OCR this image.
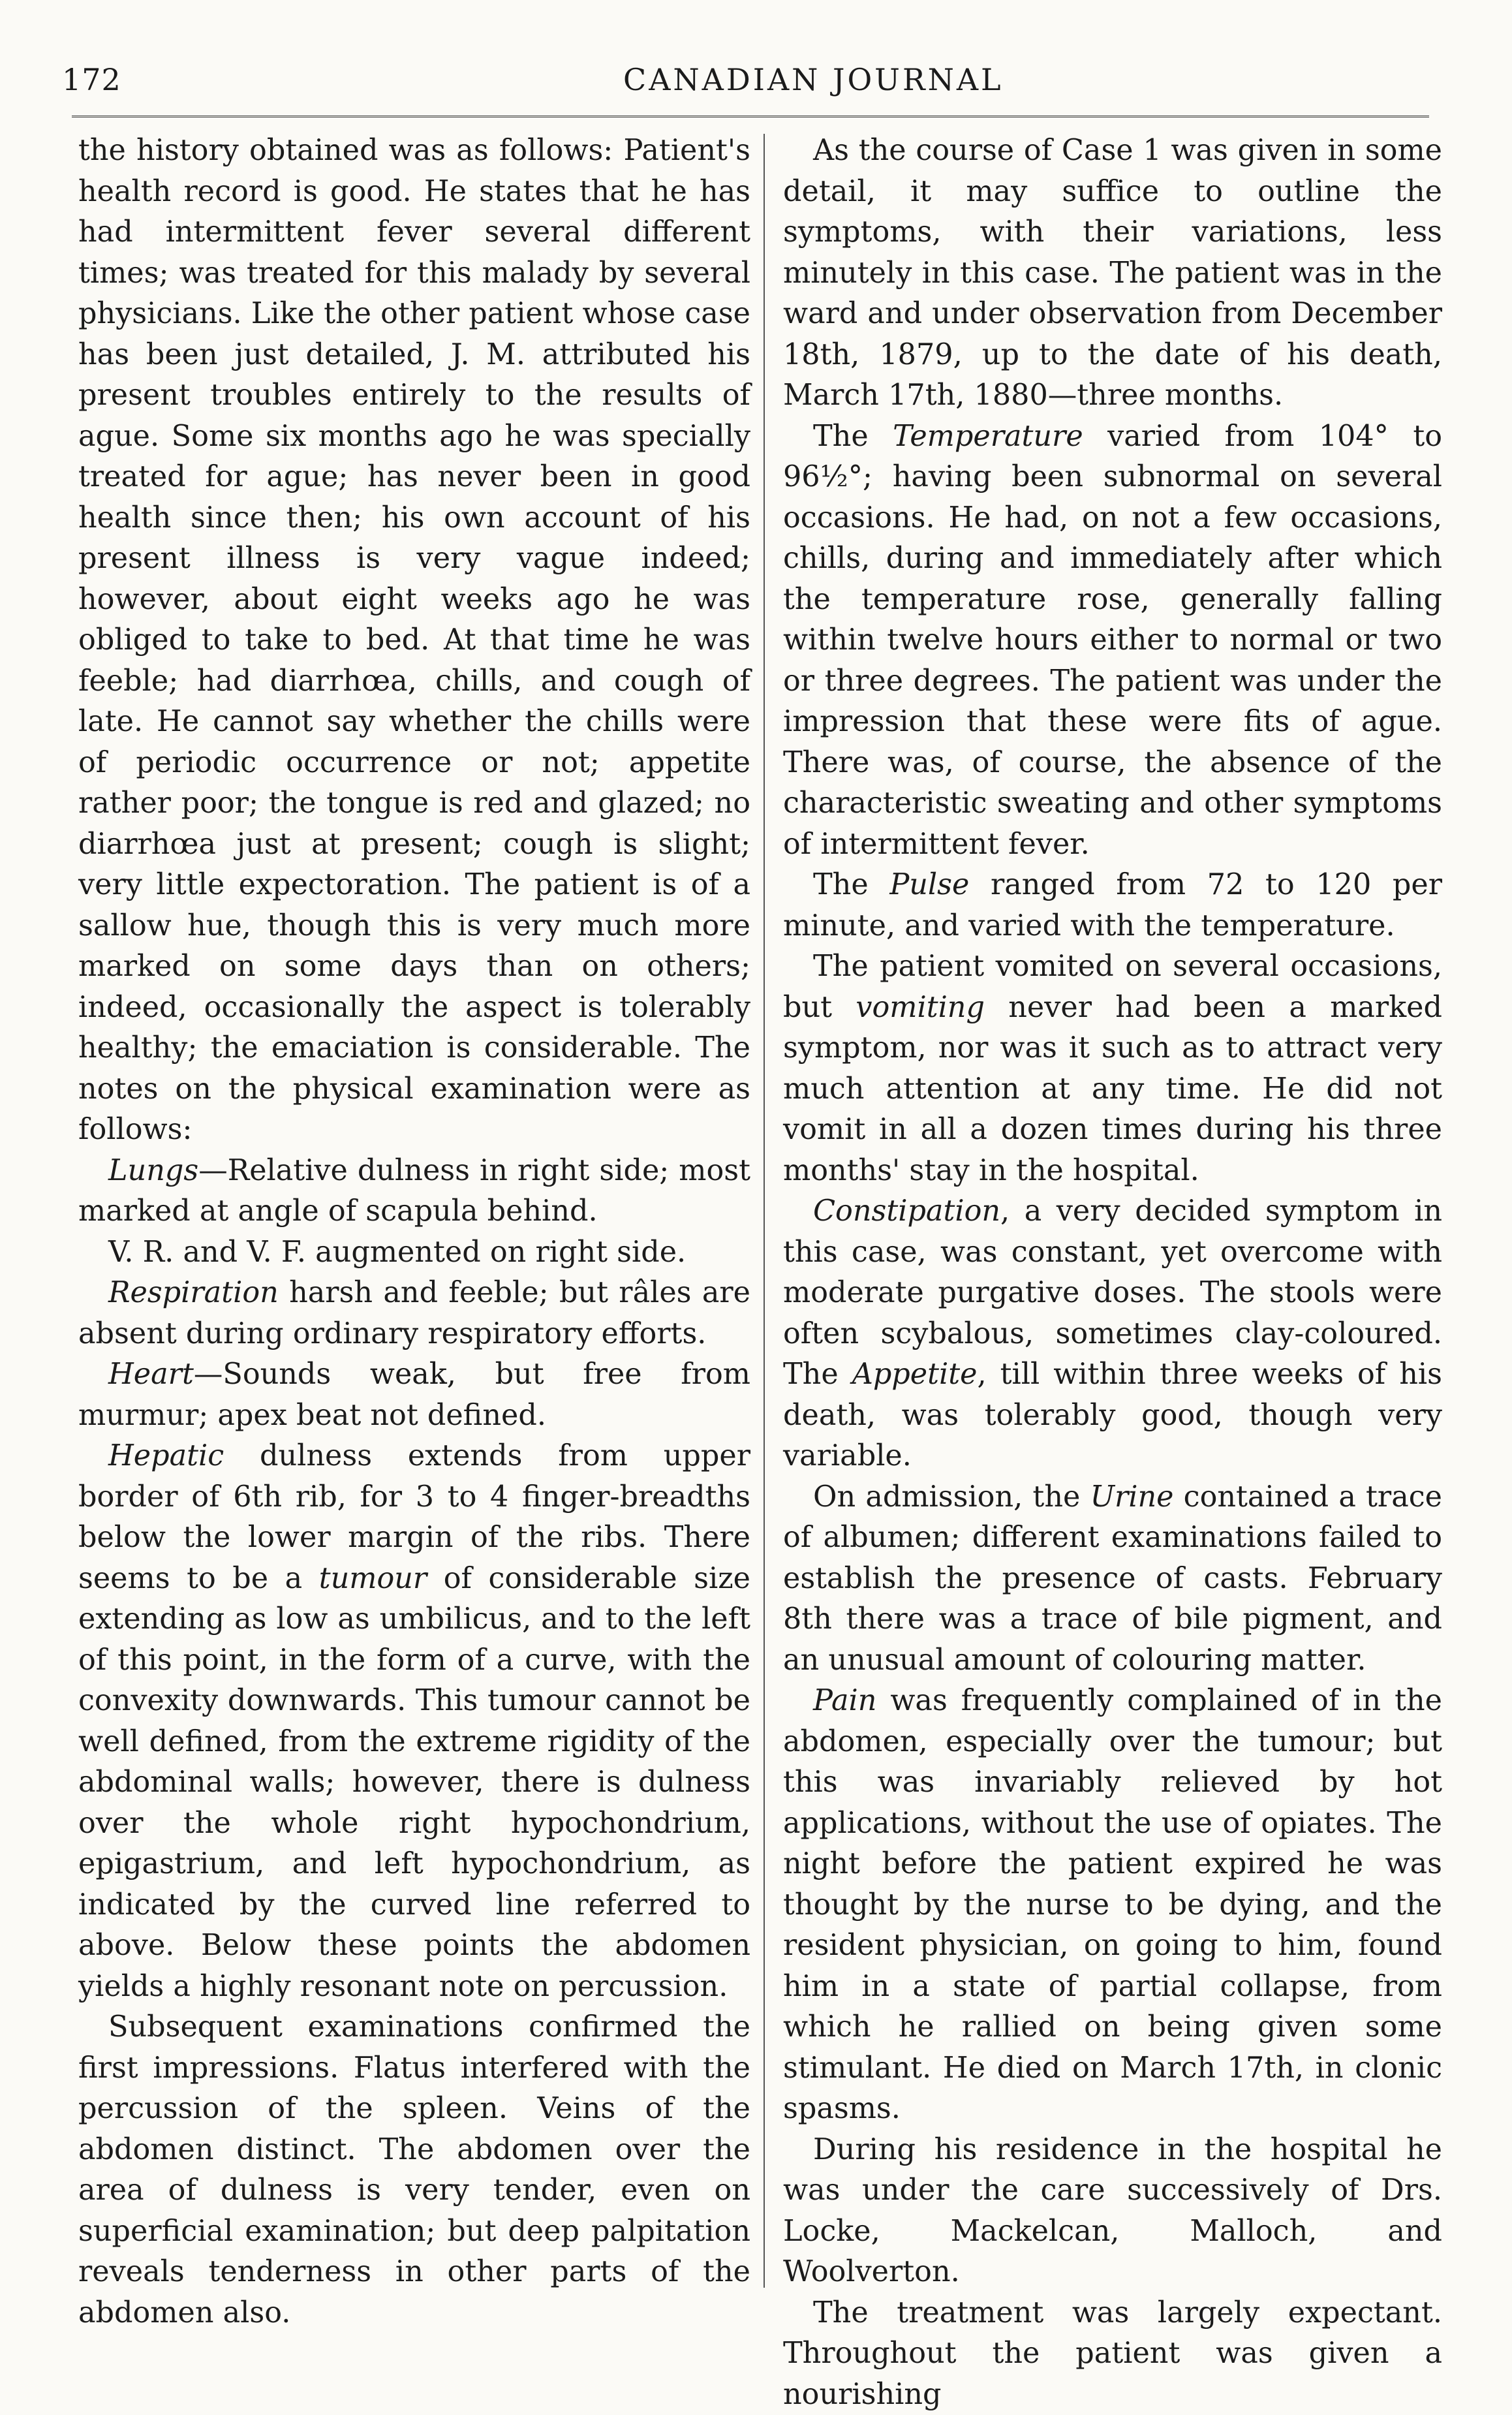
172	CANADIAN JOURNAL

the history obtained was as follows: Patient's health record is good. He states that he has had intermittent fever several different times; was treated for this malady by several physicians. Like the other patient whose case has been just detailed, J. M. attributed his present troubles entirely to the results of ague. Some six months ago he was specially treated for ague; has never been in good health since then; his own account of his present illness is very vague indeed; however, about eight weeks ago he was obliged to take to bed. At that time he was feeble; had diarrhœa, chills, and cough of late. He cannot say whether the chills were of periodic occurrence or not; appetite rather poor; the tongue is red and glazed; no diarrhœa just at present; cough is slight; very little expectoration. The patient is of a sallow hue, though this is very much more marked on some days than on others; indeed, occasionally the aspect is tolerably healthy; the emaciation is considerable. The notes on the physical examination were as follows:

Lungs—Relative dulness in right side; most marked at angle of scapula behind.

V. R. and V. F. augmented on right side.

Respiration harsh and feeble; but râles are absent during ordinary respiratory efforts.

Heart—Sounds weak, but free from murmur; apex beat not defined.

Hepatic dulness extends from upper border of 6th rib, for 3 to 4 finger-breadths below the lower margin of the ribs. There seems to be a tumour of considerable size extending as low as umbilicus, and to the left of this point, in the form of a curve, with the convexity downwards. This tumour cannot be well defined, from the extreme rigidity of the abdominal walls; however, there is dulness over the whole right hypochondrium, epigastrium, and left hypochondrium, as indicated by the curved line referred to above. Below these points the abdomen yields a highly resonant note on percussion.

Subsequent examinations confirmed the first impressions. Flatus interfered with the percussion of the spleen. Veins of the abdomen distinct. The abdomen over the area of dulness is very tender, even on superficial examination; but deep palpitation reveals tenderness in other parts of the abdomen also.

As the course of Case 1 was given in some detail, it may suffice to outline the symptoms, with their variations, less minutely in this case. The patient was in the ward and under observation from December 18th, 1879, up to the date of his death, March 17th, 1880—three months.

The Temperature varied from 104° to 96½°; having been subnormal on several occasions. He had, on not a few occasions, chills, during and immediately after which the temperature rose, generally falling within twelve hours either to normal or two or three degrees. The patient was under the impression that these were fits of ague. There was, of course, the absence of the characteristic sweating and other symptoms of intermittent fever.

The Pulse ranged from 72 to 120 per minute, and varied with the temperature.

The patient vomited on several occasions, but vomiting never had been a marked symptom, nor was it such as to attract very much attention at any time. He did not vomit in all a dozen times during his three months' stay in the hospital.

Constipation, a very decided symptom in this case, was constant, yet overcome with moderate purgative doses. The stools were often scybalous, sometimes clay-coloured. The Appetite, till within three weeks of his death, was tolerably good, though very variable.

On admission, the Urine contained a trace of albumen; different examinations failed to establish the presence of casts. February 8th there was a trace of bile pigment, and an unusual amount of colouring matter.

Pain was frequently complained of in the abdomen, especially over the tumour; but this was invariably relieved by hot applications, without the use of opiates. The night before the patient expired he was thought by the nurse to be dying, and the resident physician, on going to him, found him in a state of partial collapse, from which he rallied on being given some stimulant. He died on March 17th, in clonic spasms.

During his residence in the hospital he was under the care successively of Drs. Locke, Mackelcan, Malloch, and Woolverton.

The treatment was largely expectant. Throughout the patient was given a nourishing
